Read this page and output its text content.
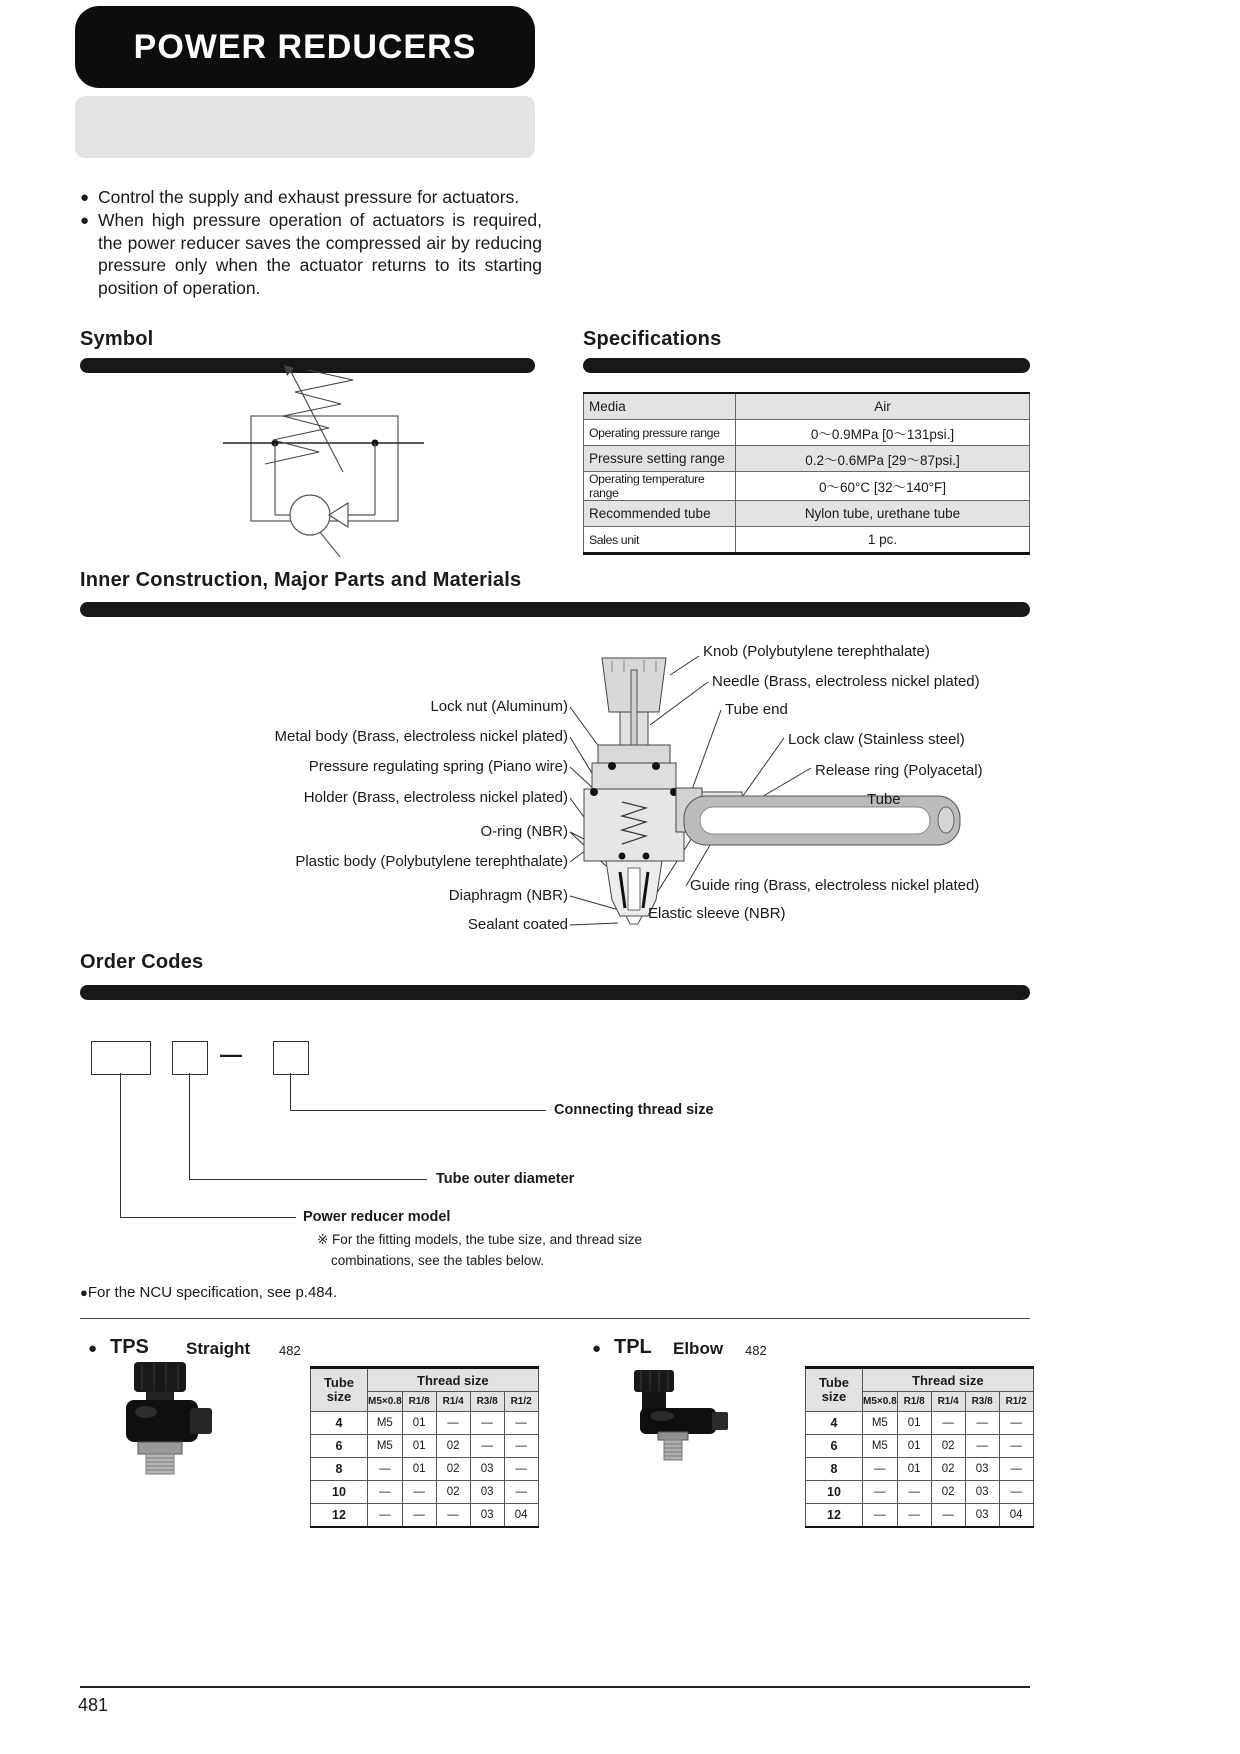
POWER REDUCERS
● Control the supply and exhaust pressure for actuators.
● When high pressure operation of actuators is required, the power reducer saves the compressed air by reducing pressure only when the actuator returns to its starting position of operation.
Symbol	Specifications
Media	Air
Operating pressure range	0～0.9MPa [0～131psi.]
Pressure setting range	0.2～0.6MPa [29～87psi.]
Operating temperature range	0～60°C [32～140°F]
Recommended tube	Nylon tube, urethane tube
Sales unit	1 pc.
Inner Construction, Major Parts and Materials
Lock nut (Aluminum)
Metal body (Brass, electroless nickel plated)
Pressure regulating spring (Piano wire)
Holder (Brass, electroless nickel plated)
O-ring (NBR)
Plastic body (Polybutylene terephthalate)
Diaphragm (NBR)
Sealant coated
Knob (Polybutylene terephthalate)
Needle (Brass, electroless nickel plated)
Tube end
Lock claw (Stainless steel)
Release ring (Polyacetal)
Tube
Guide ring (Brass, electroless nickel plated)
Elastic sleeve (NBR)
Order Codes
—
Connecting thread size
Tube outer diameter
Power reducer model
※ For the fitting models, the tube size, and thread size
combinations, see the tables below.
●For the NCU specification, see p.484.
● TPS Straight 482
Tube
size	Thread size				
	M5×0.8	R1/8	R1/4	R3/8	R1/2
4	M5	01	—	—	—
6	M5	01	02	—	—
8	—	01	02	03	—
10	—	—	02	03	—
12	—	—	—	03	04
● TPL Elbow 482
Tube
size	Thread size				
	M5×0.8	R1/8	R1/4	R3/8	R1/2
4	M5	01	—	—	—
6	M5	01	02	—	—
8	—	01	02	03	—
10	—	—	02	03	—
12	—	—	—	03	04
481
